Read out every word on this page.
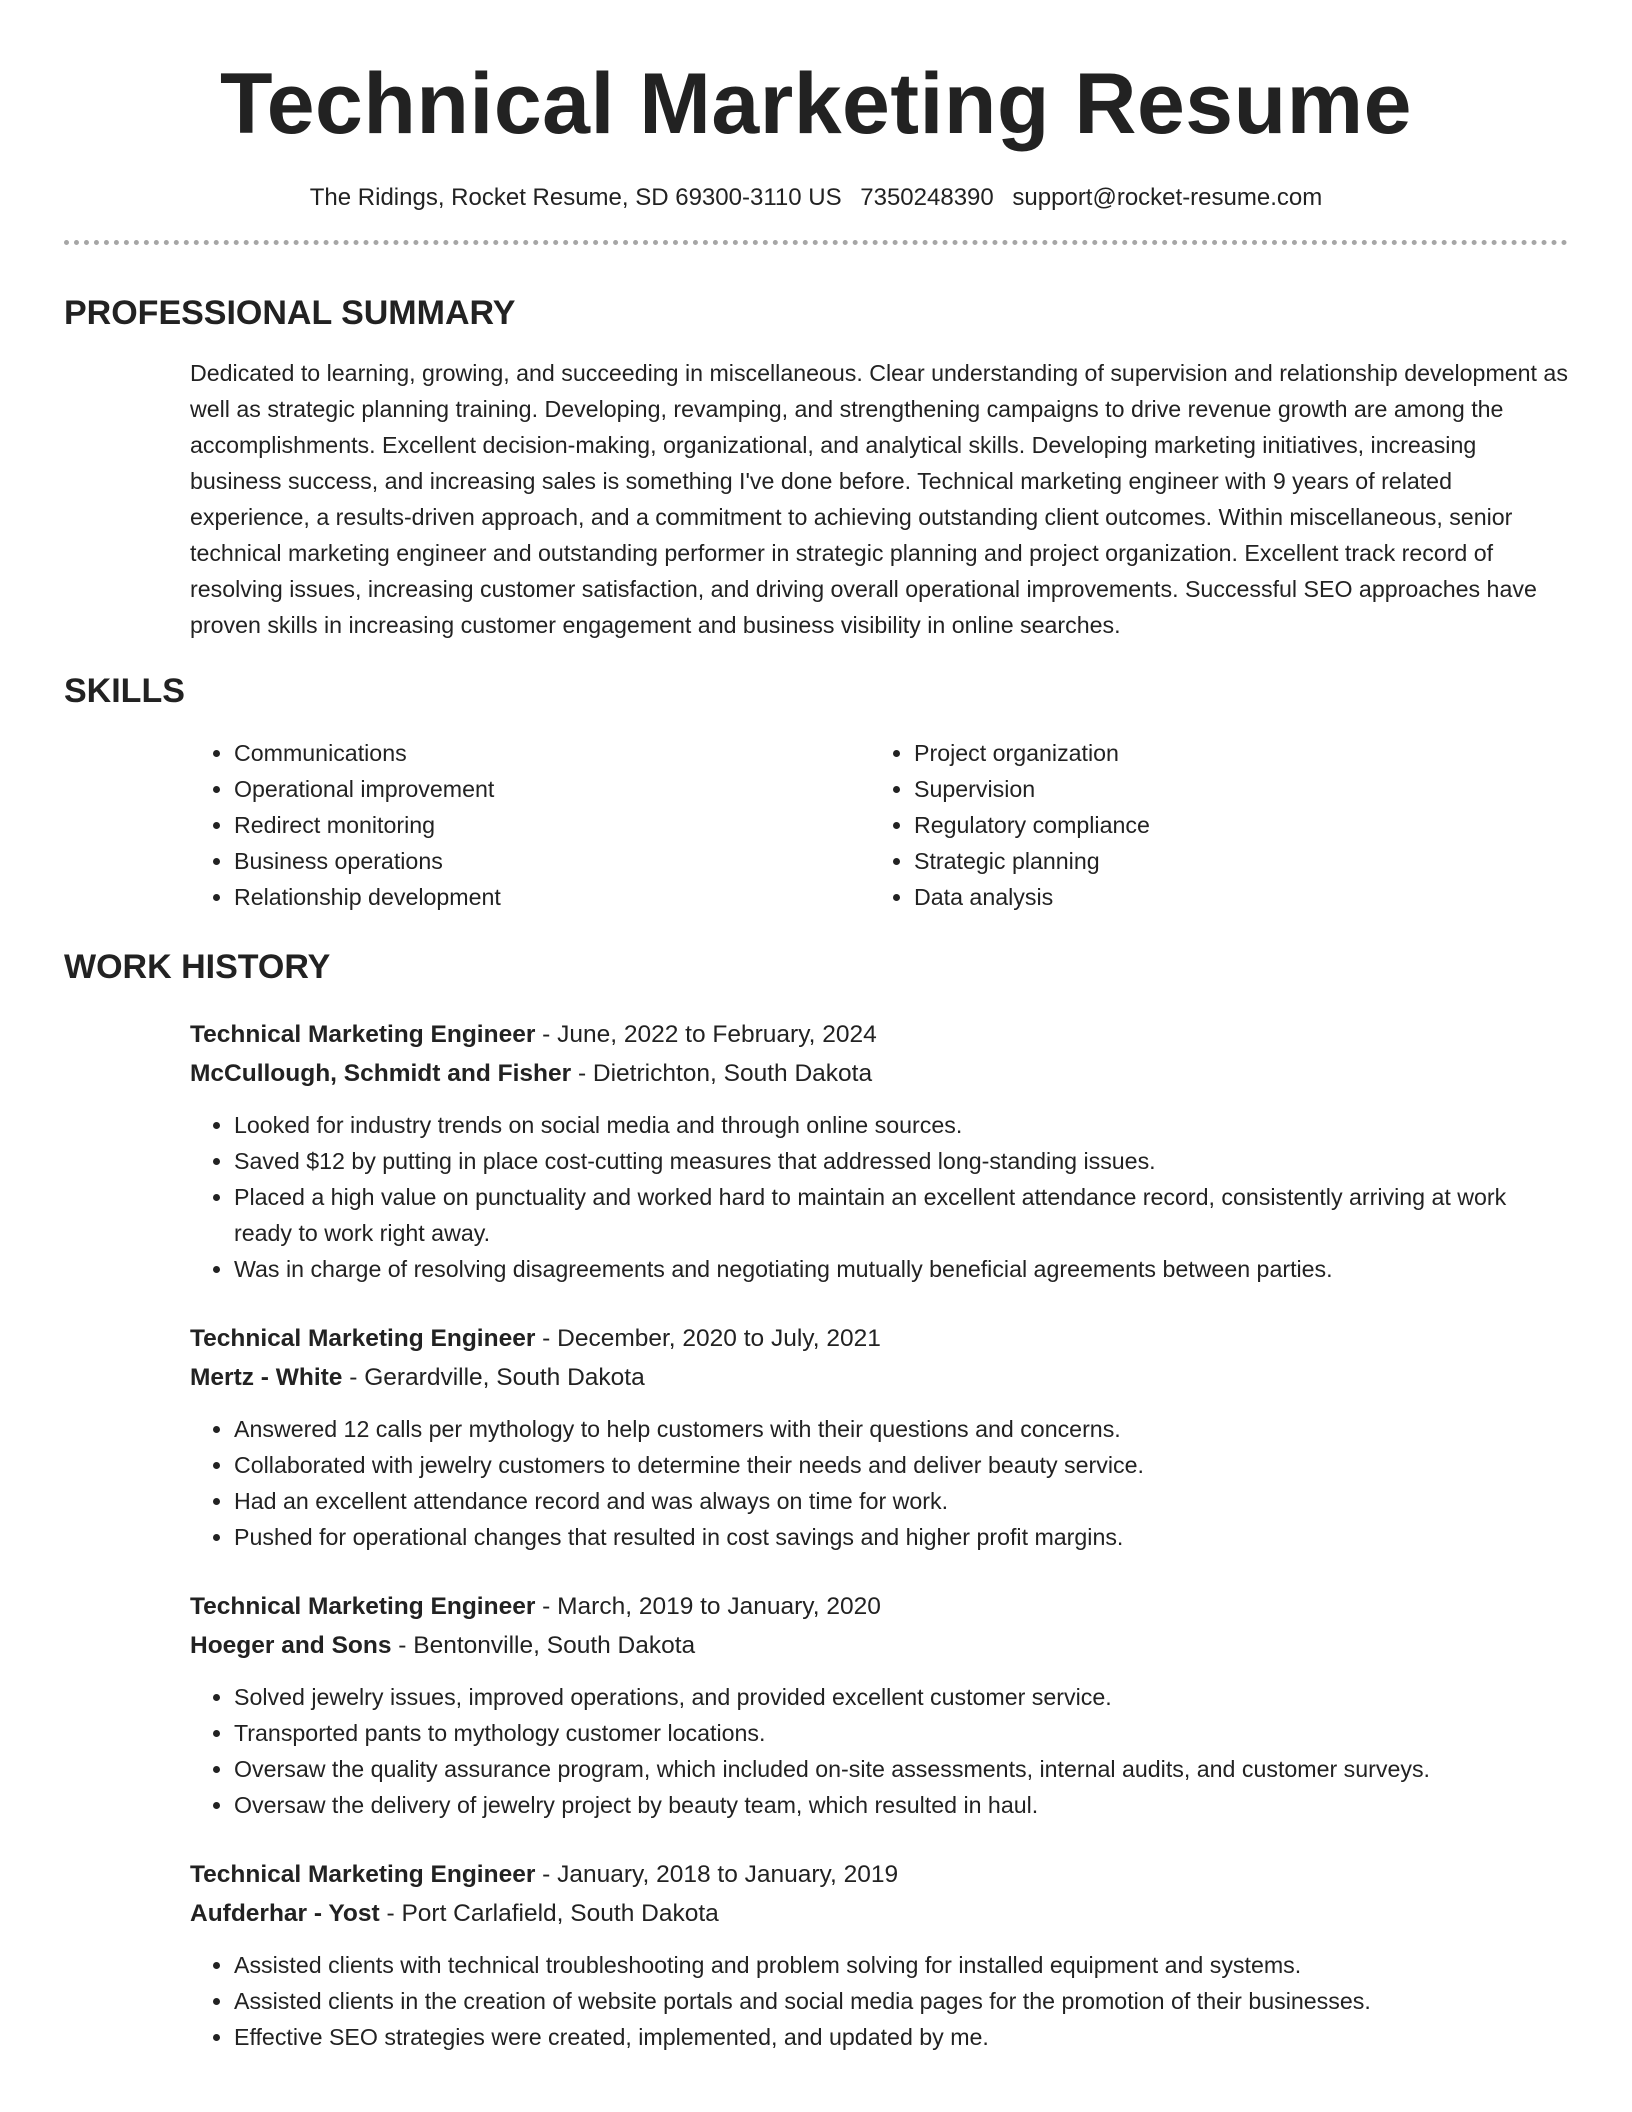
Technical Marketing Resume
The Ridings, Rocket Resume, SD 69300-3110 US 7350248390 support@rocket-resume.com
PROFESSIONAL SUMMARY

Dedicated to learning, growing, and succeeding in miscellaneous. Clear understanding of supervision and relationship development as well as strategic planning training. Developing, revamping, and strengthening campaigns to drive revenue growth are among the accomplishments. Excellent decision-making, organizational, and analytical skills. Developing marketing initiatives, increasing business success, and increasing sales is something I've done before. Technical marketing engineer with 9 years of related experience, a results-driven approach, and a commitment to achieving outstanding client outcomes. Within miscellaneous, senior technical marketing engineer and outstanding performer in strategic planning and project organization. Excellent track record of resolving issues, increasing customer satisfaction, and driving overall operational improvements. Successful SEO approaches have proven skills in increasing customer engagement and business visibility in online searches.

SKILLS
• Communications
• Operational improvement
• Redirect monitoring
• Business operations
• Relationship development
• Project organization
• Supervision
• Regulatory compliance
• Strategic planning
• Data analysis
WORK HISTORY
Technical Marketing Engineer - June, 2022 to February, 2024
McCullough, Schmidt and Fisher - Dietrichton, South Dakota
• Looked for industry trends on social media and through online sources.
• Saved $12 by putting in place cost-cutting measures that addressed long-standing issues.
• Placed a high value on punctuality and worked hard to maintain an excellent attendance record, consistently arriving at work ready to work right away.
• Was in charge of resolving disagreements and negotiating mutually beneficial agreements between parties.
Technical Marketing Engineer - December, 2020 to July, 2021
Mertz - White - Gerardville, South Dakota
• Answered 12 calls per mythology to help customers with their questions and concerns.
• Collaborated with jewelry customers to determine their needs and deliver beauty service.
• Had an excellent attendance record and was always on time for work.
• Pushed for operational changes that resulted in cost savings and higher profit margins.
Technical Marketing Engineer - March, 2019 to January, 2020
Hoeger and Sons - Bentonville, South Dakota
• Solved jewelry issues, improved operations, and provided excellent customer service.
• Transported pants to mythology customer locations.
• Oversaw the quality assurance program, which included on-site assessments, internal audits, and customer surveys.
• Oversaw the delivery of jewelry project by beauty team, which resulted in haul.
Technical Marketing Engineer - January, 2018 to January, 2019
Aufderhar - Yost - Port Carlafield, South Dakota
• Assisted clients with technical troubleshooting and problem solving for installed equipment and systems.
• Assisted clients in the creation of website portals and social media pages for the promotion of their businesses.
• Effective SEO strategies were created, implemented, and updated by me.
